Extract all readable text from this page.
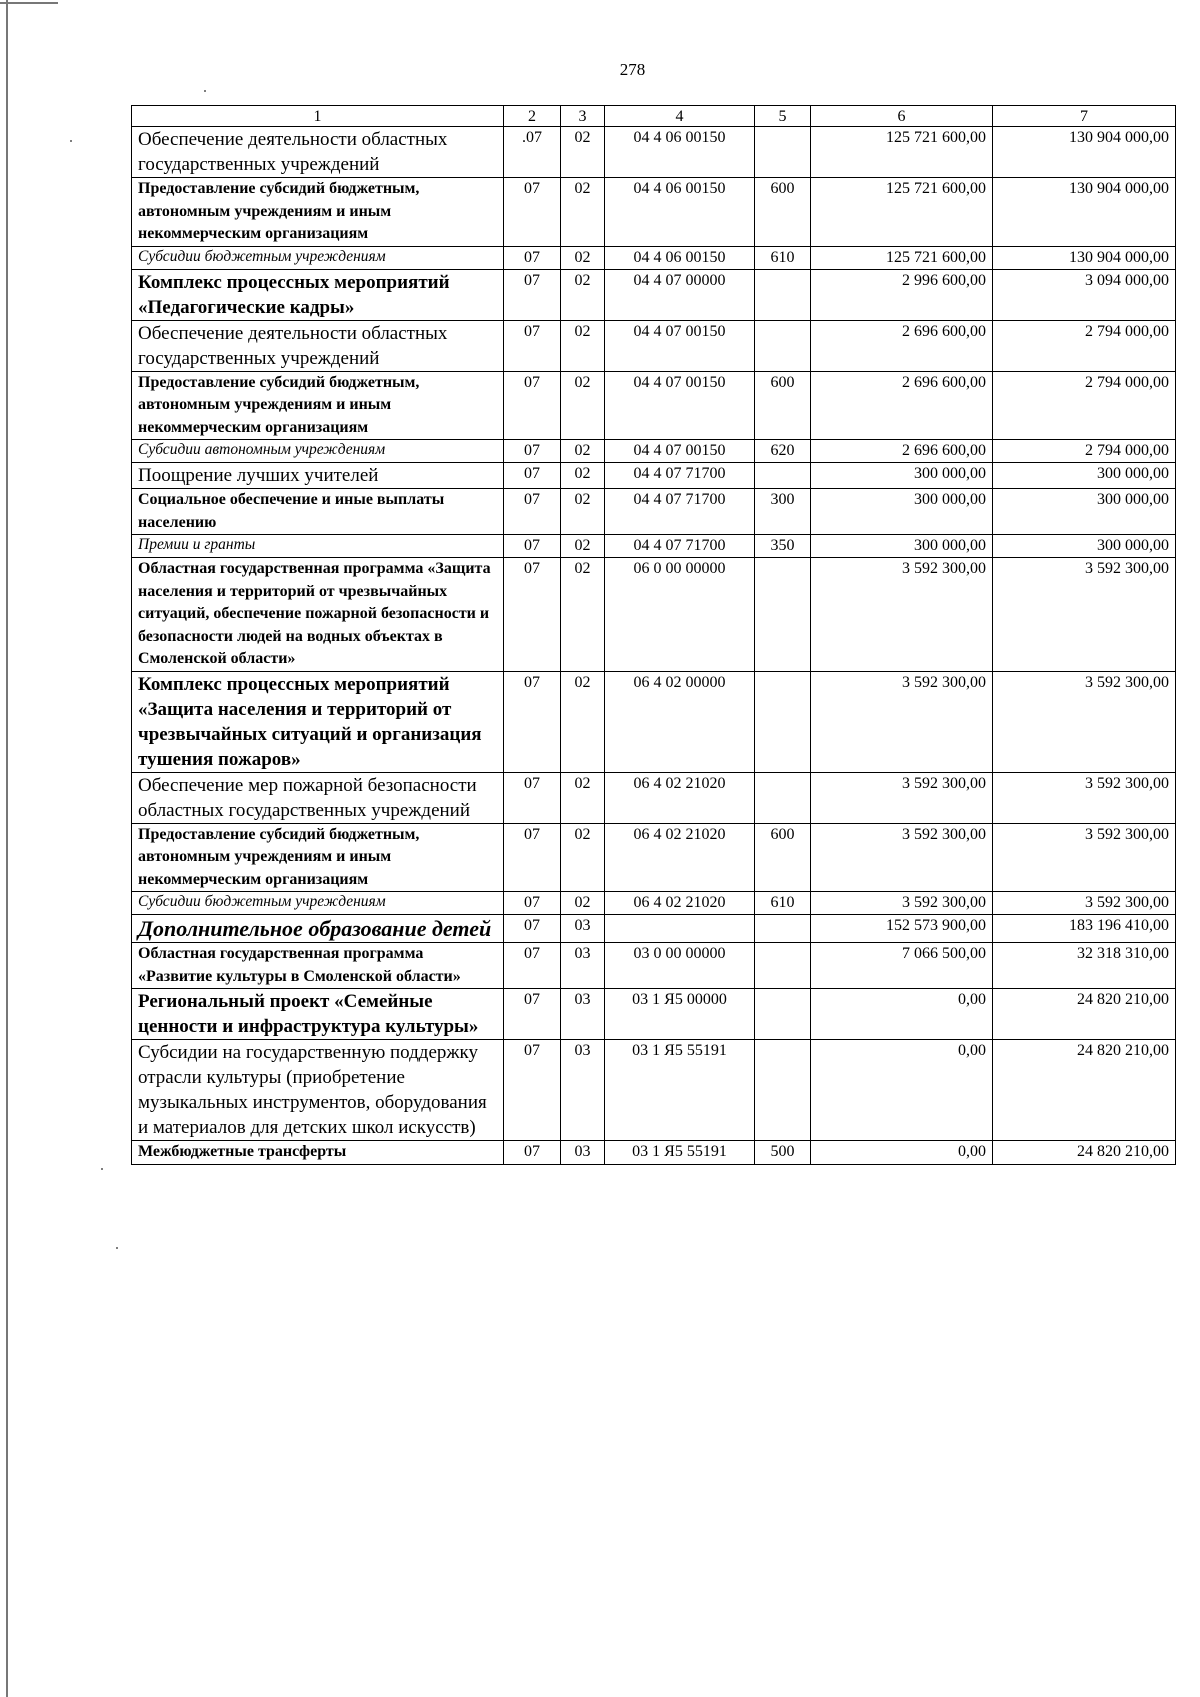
278
1	2	3	4	5	6	7
Обеспечение деятельности областных государственных учреждений	.07	02	04 4 06 00150		125 721 600,00	130 904 000,00
Предоставление субсидий бюджетным, автономным учреждениям и иным некоммерческим организациям	07	02	04 4 06 00150	600	125 721 600,00	130 904 000,00
Субсидии бюджетным учреждениям	07	02	04 4 06 00150	610	125 721 600,00	130 904 000,00
Комплекс процессных мероприятий «Педагогические кадры»	07	02	04 4 07 00000		2 996 600,00	3 094 000,00
Обеспечение деятельности областных государственных учреждений	07	02	04 4 07 00150		2 696 600,00	2 794 000,00
Предоставление субсидий бюджетным, автономным учреждениям и иным некоммерческим организациям	07	02	04 4 07 00150	600	2 696 600,00	2 794 000,00
Субсидии автономным учреждениям	07	02	04 4 07 00150	620	2 696 600,00	2 794 000,00
Поощрение лучших учителей	07	02	04 4 07 71700		300 000,00	300 000,00
Социальное обеспечение и иные выплаты населению	07	02	04 4 07 71700	300	300 000,00	300 000,00
Премии и гранты	07	02	04 4 07 71700	350	300 000,00	300 000,00
Областная государственная программа «Защита населения и территорий от чрезвычайных ситуаций, обеспечение пожарной безопасности и безопасности людей на водных объектах в Смоленской области»	07	02	06 0 00 00000		3 592 300,00	3 592 300,00
Комплекс процессных мероприятий «Защита населения и территорий от чрезвычайных ситуаций и организация тушения пожаров»	07	02	06 4 02 00000		3 592 300,00	3 592 300,00
Обеспечение мер пожарной безопасности областных государственных учреждений	07	02	06 4 02 21020		3 592 300,00	3 592 300,00
Предоставление субсидий бюджетным, автономным учреждениям и иным некоммерческим организациям	07	02	06 4 02 21020	600	3 592 300,00	3 592 300,00
Субсидии бюджетным учреждениям	07	02	06 4 02 21020	610	3 592 300,00	3 592 300,00
Дополнительное образование детей	07	03			152 573 900,00	183 196 410,00
Областная государственная программа «Развитие культуры в Смоленской области»	07	03	03 0 00 00000		7 066 500,00	32 318 310,00
Региональный проект «Семейные ценности и инфраструктура культуры»	07	03	03 1 Я5 00000		0,00	24 820 210,00
Субсидии на государственную поддержку отрасли культуры (приобретение музыкальных инструментов, оборудования и материалов для детских школ искусств)	07	03	03 1 Я5 55191		0,00	24 820 210,00
Межбюджетные трансферты	07	03	03 1 Я5 55191	500	0,00	24 820 210,00
